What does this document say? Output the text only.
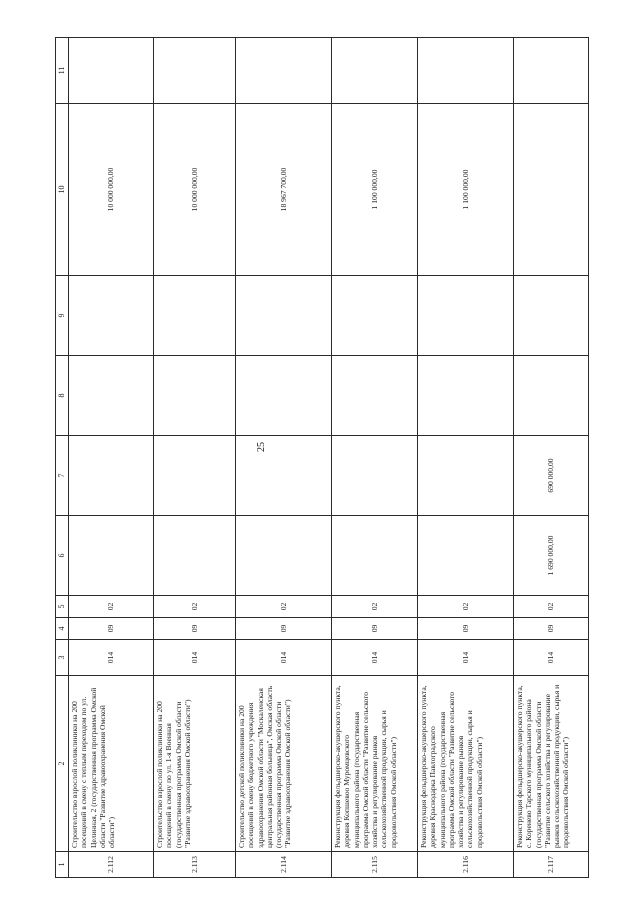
25
1	2	3	4	5	6	7	8	9	10	11
2.112	Строительство взрослой поликлиники на 200 посещений в смену с теплым переходом по ул. Целинная, 2 (государственная программа Омской области "Развитие здравоохранения Омской области")	014	09	02					10 000 000,00	
2.113	Строительство взрослой поликлиники на 200 посещений в смену по ул. 1-я Военная (государственная программа Омской области "Развитие здравоохранения Омской области")	014	09	02					10 000 000,00	
2.114	Строительство детской поликлиники на 200 посещений в смену бюджетного учреждения здравоохранения Омской области "Москаленская центральная районная больница", Омская область (государственная программа Омской области "Развитие здравоохранения Омской области")	014	09	02					18 967 700,00	
2.115	Реконструкция фельдшерско-акушерского пункта, деревня Копшевоо Муромцевского муниципального района (государственная программа Омской области "Развитие сельского хозяйства и регулирование рынков сельскохозяйственной продукции, сырья и продовольствия Омской области")	014	09	02					1 100 000,00	
2.116	Реконструкция фельдшерско-акушерского пункта, деревня Краснодарка Павлоградского муниципального района (государственная программа Омской области "Развитие сельского хозяйства и регулирование рынков сельскохозяйственной продукции, сырья и продовольствия Омской области")	014	09	02					1 100 000,00	
2.117	Реконструкция фельдшерско-акушерского пункта, с. Коренево Тарского муниципального района (государственная программа Омской области "Развитие сельского хозяйства и регулирование рынков сельскохозяйственной продукции, сырья и продовольствия Омской области")	014	09	02	1 690 000,00	690 000,00				
